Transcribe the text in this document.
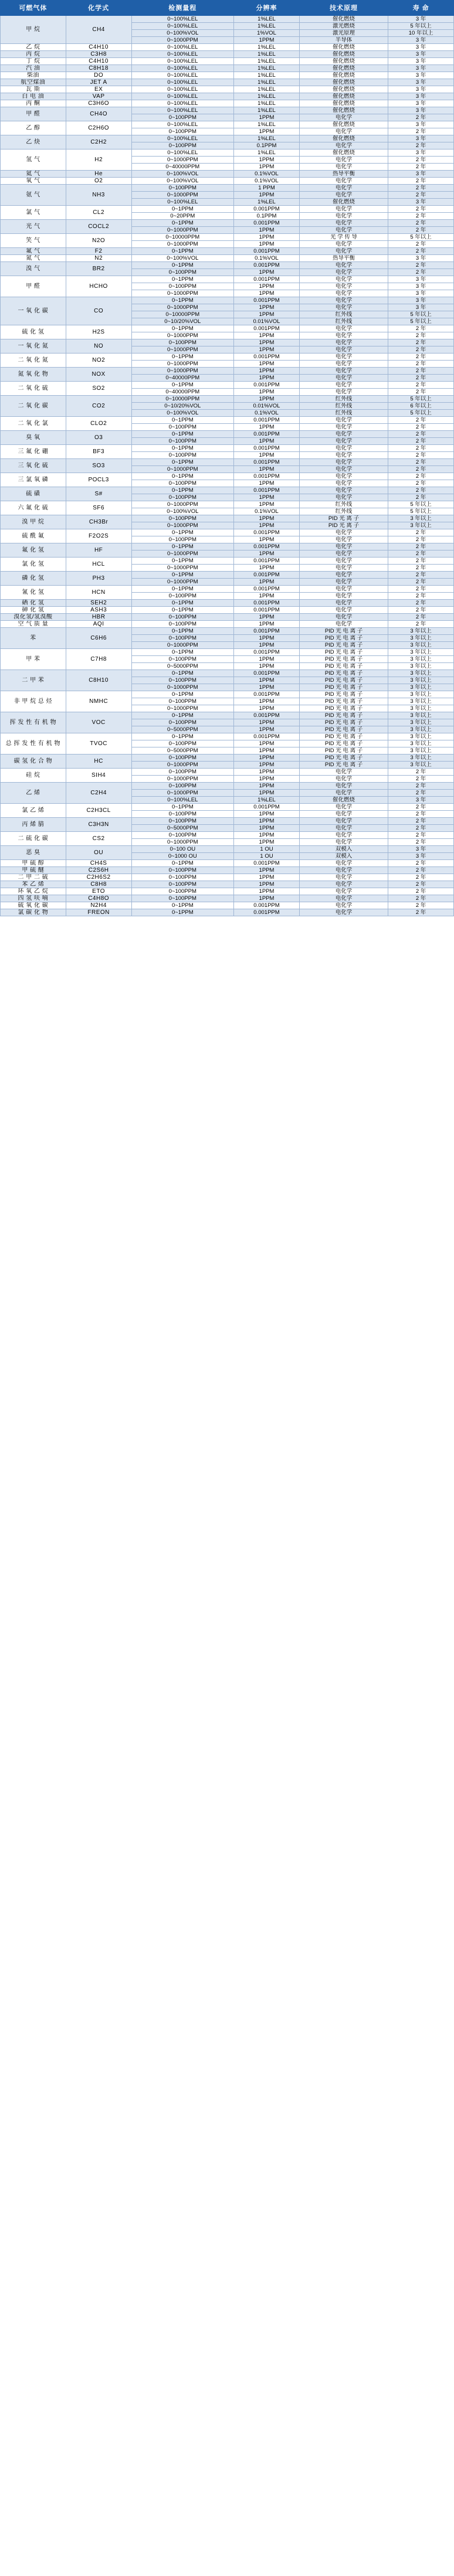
可燃气体	化学式	检测量程	分辨率	技术原理	寿 命
甲 烷	CH4	0~100%LEL	1%LEL	催化燃烧	3 年
		0~100%LEL	1%LEL	激光燃烧	5 年以上
		0~100%VOL	1%VOL	激光原理	10 年以上
		0~1000PPM	1PPM	半导体	3 年
乙 烷	C4H10	0~100%LEL	1%LEL	催化燃烧	3 年
丙 烷	C3H8	0~100%LEL	1%LEL	催化燃烧	3 年
丁 烷	C4H10	0~100%LEL	1%LEL	催化燃烧	3 年
汽 油	C8H18	0~100%LEL	1%LEL	催化燃烧	3 年
柴油	DO	0~100%LEL	1%LEL	催化燃烧	3 年
航空煤油	JET A	0~100%LEL	1%LEL	催化燃烧	3 年
瓦 斯	EX	0~100%LEL	1%LEL	催化燃烧	3 年
白 电 油	VAP	0~100%LEL	1%LEL	催化燃烧	3 年
丙 酮	C3H6O	0~100%LEL	1%LEL	催化燃烧	3 年
甲 醛	CH4O	0~100%LEL	1%LEL	催化燃烧	3 年
		0~100PPM	1PPM	电化学	2 年
乙 醇	C2H6O	0~100%LEL	1%LEL	催化燃烧	3 年
		0~100PPM	1PPM	电化学	2 年
乙 炔	C2H2	0~100%LEL	1%LEL	催化燃烧	3 年
		0~100PPM	0.1PPM	电化学	2 年
氢 气	H2	0~100%LEL	1%LEL	催化燃烧	3 年
		0~1000PPM	1PPM	电化学	2 年
		0~40000PPM	1PPM	电化学	2 年
氦 气	He	0~100%VOL	0.1%VOL	热导平衡	3 年
氧 气	O2	0~100%VOL	0.1%VOL	电化学	2 年
氨 气	NH3	0~100PPM	1 PPM	电化学	2 年
		0~1000PPM	1PPM	电化学	2 年
		0~100%LEL	1%LEL	催化燃烧	3 年
氯 气	CL2	0~1PPM	0.001PPM	电化学	2 年
		0~20PPM	0.1PPM	电化学	2 年
光 气	COCL2	0~1PPM	0.001PPM	电化学	2 年
		0~1000PPM	1PPM	电化学	2 年
笑 气	N2O	0~10000PPM	1PPM	光 学 传 导	5 年以上
		0~1000PPM	1PPM	电化学	2 年
氟 气	F2	0~1PPM	0.001PPM	电化学	2 年
氮 气	N2	0~100%VOL	0.1%VOL	热导平衡	3 年
溴 气	BR2	0~1PPM	0.001PPM	电化学	2 年
		0~100PPM	1PPM	电化学	2 年
甲 醛	HCHO	0~1PPM	0.001PPM	电化学	3 年
		0~100PPM	1PPM	电化学	3 年
		0~1000PPM	1PPM	电化学	3 年
一 氧 化 碳	CO	0~1PPM	0.001PPM	电化学	3 年
		0~1000PPM	1PPM	电化学	3 年
		0~10000PPM	1PPM	红外线	5 年以上
		0~10/20%VOL	0.01%VOL	红外线	5 年以上
硫 化 氢	H2S	0~1PPM	0.001PPM	电化学	2 年
		0~1000PPM	1PPM	电化学	2 年
一 氧 化 氮	NO	0~100PPM	1PPM	电化学	2 年
		0~1000PPM	1PPM	电化学	2 年
二 氧 化 氮	NO2	0~1PPM	0.001PPM	电化学	2 年
		0~1000PPM	1PPM	电化学	2 年
氮 氧 化 物	NOX	0~1000PPM	1PPM	电化学	2 年
		0~40000PPM	1PPM	电化学	2 年
二 氧 化 硫	SO2	0~1PPM	0.001PPM	电化学	2 年
		0~40000PPM	1PPM	电化学	2 年
二 氧 化 碳	CO2	0~10000PPM	1PPM	红外线	5 年以上
		0~10/20%VOL	0.01%VOL	红外线	6 年以上
		0~100%VOL	0.1%VOL	红外线	5 年以上
二 氧 化 氯	CLO2	0~1PPM	0.001PPM	电化学	2 年
		0~100PPM	1PPM	电化学	2 年
臭 氧	O3	0~1PPM	0.001PPM	电化学	2 年
		0~100PPM	1PPM	电化学	2 年
三 氟 化 硼	BF3	0~1PPM	0.001PPM	电化学	2 年
		0~100PPM	1PPM	电化学	2 年
三 氧 化 硫	SO3	0~1PPM	0.001PPM	电化学	2 年
		0~1000PPM	1PPM	电化学	2 年
三 氯 氧 磷	POCL3	0~1PPM	0.001PPM	电化学	2 年
		0~100PPM	1PPM	电化学	2 年
硫 磺	S#	0~1PPM	0.001PPM	电化学	2 年
		0~100PPM	1PPM	电化学	2 年
六 氟 化 硫	SF6	0~1000PPM	1PPM	红外线	5 年以上
		0~100%VOL	0.1%VOL	红外线	5 年以上
溴 甲 烷	CH3Br	0~100PPM	1PPM	PID 光 离 子	3 年以上
		0~1000PPM	1PPM	PID 光 离 子	3 年以上
硫 酰 氟	F2O2S	0~1PPM	0.001PPM	电化学	2 年
		0~100PPM	1PPM	电化学	2 年
氟 化 氢	HF	0~1PPM	0.001PPM	电化学	2 年
		0~1000PPM	1PPM	电化学	2 年
氯 化 氢	HCL	0~1PPM	0.001PPM	电化学	2 年
		0~1000PPM	1PPM	电化学	2 年
磷 化 氢	PH3	0~1PPM	0.001PPM	电化学	2 年
		0~1000PPM	1PPM	电化学	2 年
氰 化 氢	HCN	0~1PPM	0.001PPM	电化学	2 年
		0~100PPM	1PPM	电化学	2 年
硒 化 氢	SEH2	0~1PPM	0.001PPM	电化学	2 年
砷 化 氢	ASH3	0~1PPM	0.001PPM	电化学	2 年
溴化氢/氢溴酸	HBR	0~100PPM	1PPM	电化学	2 年
空 气 质 量	AQI	0~100PPM	1PPM	电化学	2 年
苯	C6H6	0~1PPM	0.001PPM	PID 光 电 离 子	3 年以上
		0~100PPM	1PPM	PID 光 电 离 子	3 年以上
		0~1000PPM	1PPM	PID 光 电 离 子	3 年以上
甲 苯	C7H8	0~1PPM	0.001PPM	PID 光 电 离 子	3 年以上
		0~100PPM	1PPM	PID 光 电 离 子	3 年以上
		0~5000PPM	1PPM	PID 光 电 离 子	3 年以上
二 甲 苯	C8H10	0~1PPM	0.001PPM	PID 光 电 离 子	3 年以上
		0~100PPM	1PPM	PID 光 电 离 子	3 年以上
		0~1000PPM	1PPM	PID 光 电 离 子	3 年以上
非 甲 烷 总 烃	NMHC	0~1PPM	0.001PPM	PID 光 电 离 子	3 年以上
		0~100PPM	1PPM	PID 光 电 离 子	3 年以上
		0~1000PPM	1PPM	PID 光 电 离 子	3 年以上
挥 发 性 有 机 物	VOC	0~1PPM	0.001PPM	PID 光 电 离 子	3 年以上
		0~100PPM	1PPM	PID 光 电 离 子	3 年以上
		0~5000PPM	1PPM	PID 光 电 离 子	3 年以上
总 挥 发 性 有 机 物	TVOC	0~1PPM	0.001PPM	PID 光 电 离 子	3 年以上
		0~100PPM	1PPM	PID 光 电 离 子	3 年以上
		0~5000PPM	1PPM	PID 光 电 离 子	3 年以上
碳 氢 化 合 物	HC	0~100PPM	1PPM	PID 光 电 离 子	3 年以上
		0~1000PPM	1PPM	PID 光 电 离 子	3 年以上
硅 烷	SIH4	0~100PPM	1PPM	电化学	2 年
		0~1000PPM	1PPM	电化学	2 年
乙 烯	C2H4	0~100PPM	1PPM	电化学	2 年
		0~1000PPM	1PPM	电化学	2 年
		0~100%LEL	1%LEL	催化燃烧	3 年
氯 乙 烯	C2H3CL	0~1PPM	0.001PPM	电化学	2 年
		0~100PPM	1PPM	电化学	2 年
丙 烯 腈	C3H3N	0~100PPM	1PPM	电化学	2 年
		0~5000PPM	1PPM	电化学	2 年
二 硫 化 碳	CS2	0~100PPM	1PPM	电化学	2 年
		0~1000PPM	1PPM	电化学	2 年
恶 臭	OU	0~100 OU	1 OU	双模入	3 年
		0~1000 OU	1 OU	双模入	3 年
甲 硫 醇	CH4S	0~1PPM	0.001PPM	电化学	2 年
甲 硫 醚	C2S6H	0~100PPM	1PPM	电化学	2 年
二 甲 二 硫	C2H6S2	0~100PPM	1PPM	电化学	2 年
苯 乙 烯	C8H8	0~100PPM	1PPM	电化学	2 年
环 氧 乙 烷	ETO	0~100PPM	1PPM	电化学	2 年
四 氢 呋 喃	C4H8O	0~100PPM	1PPM	电化学	2 年
硫 氧 化 碳	N2H4	0~1PPM	0.001PPM	电化学	2 年
氯 碳 化 物	FREON	0~1PPM	0.001PPM	电化学	2 年
